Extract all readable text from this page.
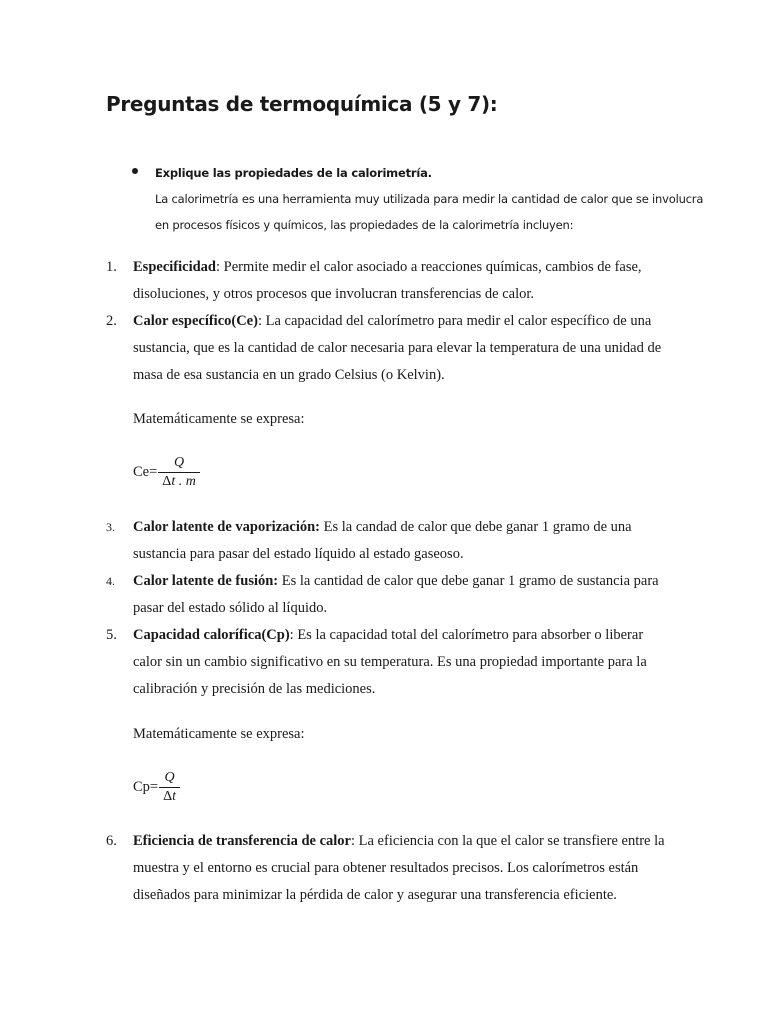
Preguntas de termoquímica (5 y 7):
Explique las propiedades de la calorimetría.
La calorimetría es una herramienta muy utilizada para medir la cantidad de calor que se involucra en procesos físicos y químicos, las propiedades de la calorimetría incluyen:
1.	Especificidad: Permite medir el calor asociado a reacciones químicas, cambios de fase, disoluciones, y otros procesos que involucran transferencias de calor.
2.	Calor específico(Ce): La capacidad del calorímetro para medir el calor específico de una sustancia, que es la cantidad de calor necesaria para elevar la temperatura de una unidad de masa de esa sustancia en un grado Celsius (o Kelvin).
Matemáticamente se expresa:
$Ce= \frac{Q}{\Delta t . m}$
3.	Calor latente de vaporización: Es la candad de calor que debe ganar 1 gramo de una sustancia para pasar del estado líquido al estado gaseoso.
4.	Calor latente de fusión: Es la cantidad de calor que debe ganar 1 gramo de sustancia para pasar del estado sólido al líquido.
5.	Capacidad calorífica(Cp): Es la capacidad total del calorímetro para absorber o liberar calor sin un cambio significativo en su temperatura. Es una propiedad importante para la calibración y precisión de las mediciones.
Matemáticamente se expresa:
$Cp= \frac{Q}{\Delta t}$
6.	Eficiencia de transferencia de calor: La eficiencia con la que el calor se transfiere entre la muestra y el entorno es crucial para obtener resultados precisos. Los calorímetros están diseñados para minimizar la pérdida de calor y asegurar una transferencia eficiente.
